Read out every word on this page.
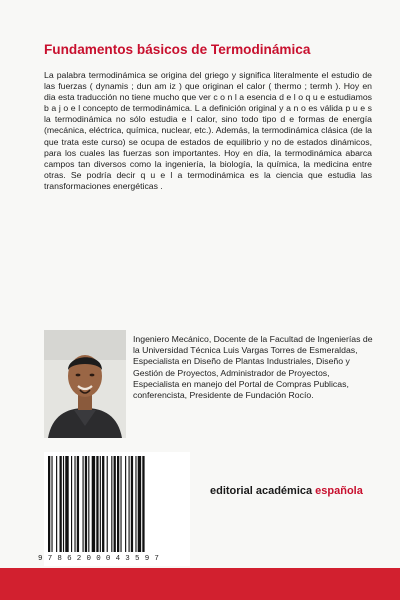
Fundamentos básicos de Termodinámica

La palabra termodinámica se origina del griego y significa literalmente el estudio de las fuerzas ( dynamis ; dun am iz ) que originan el calor ( thermo ; termh ). Hoy en dia esta traducción no tiene mucho que ver c o n l a esencia d e l o q u e estudiamos b a j o e l concepto de termodinámica. L a definición original y a n o es válida p u e s la termodinámica no sólo estudia e l calor, sino todo tipo d e formas de energía (mecánica, eléctrica, química, nuclear, etc.). Además, la termodinámica clásica (de la que trata este curso) se ocupa de estados de equilibrio y no de estados dinámicos, para los cuales las fuerzas son importantes. Hoy en día, la termodinámica abarca campos tan diversos como la ingeniería, la biología, la química, la medicina entre otras. Se podría decir q u e l a termodinámica es la ciencia que estudia las transformaciones energéticas .

Ingeniero Mecánico, Docente de la Facultad de Ingenierías de la Universidad Técnica Luis Vargas Torres de Esmeraldas, Especialista en Diseño de Plantas Industriales, Diseño y Gestión de Proyectos, Administrador de Proyectos, Especialista en manejo del Portal de Compras Publicas, conferencista, Presidente de Fundación Rocío.

9786200043597
editorial académica española
